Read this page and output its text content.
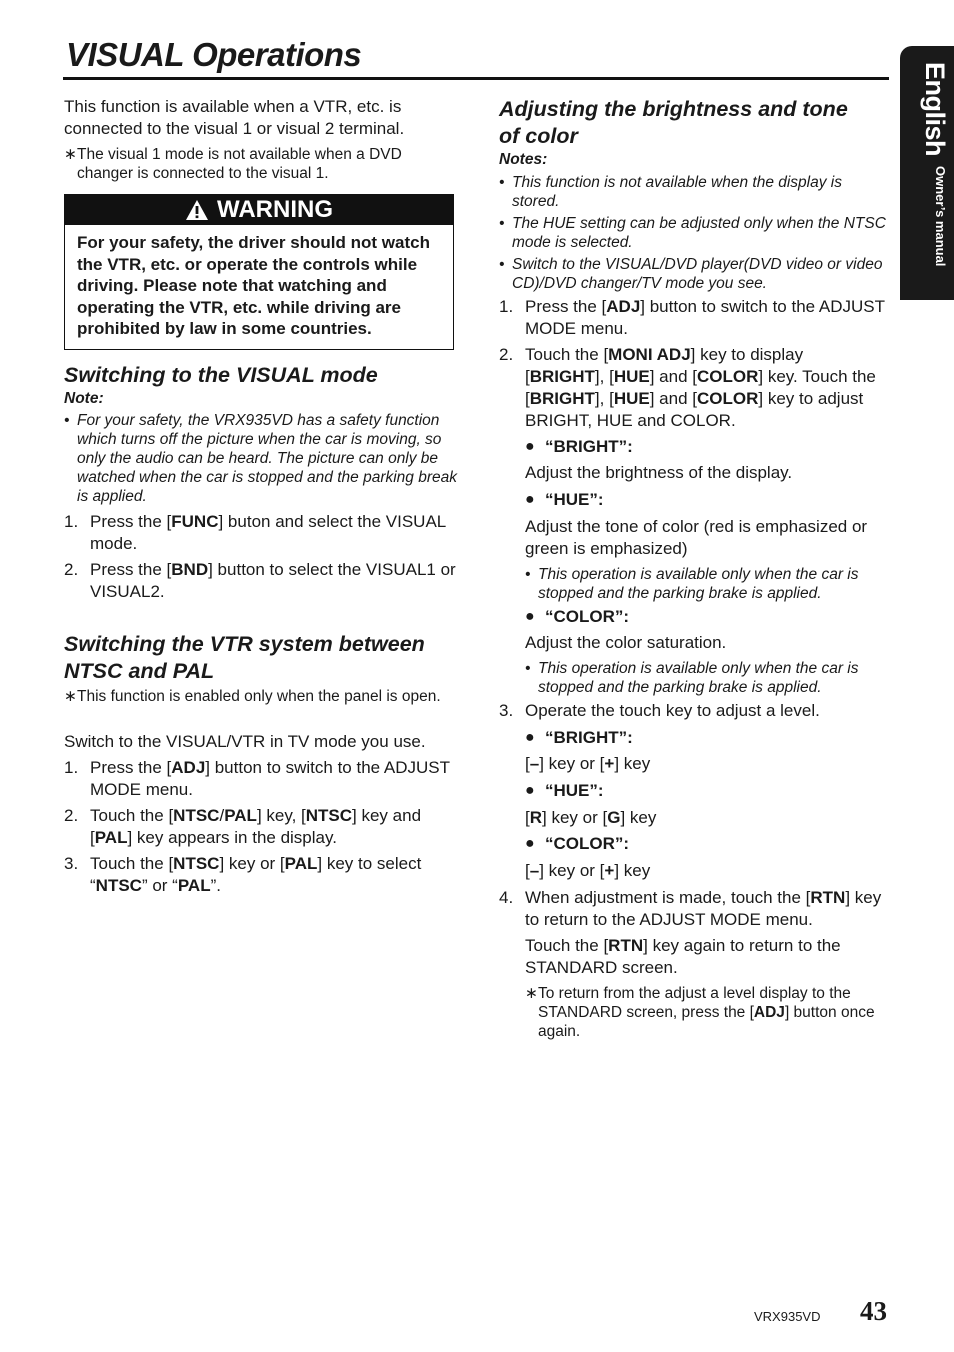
VISUAL Operations
English
Owner’s manual

This function is available when a VTR, etc. is connected to the visual 1 or visual 2 terminal.

∗ The visual 1 mode is not available when a DVD changer is connected to the visual 1.
WARNING
For your safety, the driver should not watch the VTR, etc. or operate the controls while driving. Please note that watching and operating the VTR, etc. while driving are prohibited by law in some countries.
Switching to the VISUAL mode
Note:
• For your safety, the VRX935VD has a safety function which turns off the picture when the car is moving, so only the audio can be heard. The picture can only be watched when the car is stopped and the parking break is applied.
1. Press the [FUNC] buton and select the VISUAL mode.
2. Press the [BND] button to select the VISUAL1 or VISUAL2.
Switching the VTR system between
NTSC and PAL
∗ This function is enabled only when the panel is open.

Switch to the VISUAL/VTR in TV mode you use.

1. Press the [ADJ] button to switch to the ADJUST MODE menu.
2. Touch the [NTSC/PAL] key, [NTSC] key and [PAL] key appears in the display.
3. Touch the [NTSC] key or [PAL] key to select “NTSC” or “PAL”.
Adjusting the brightness and tone
of color
Notes:
• This function is not available when the display is stored.
• The HUE setting can be adjusted only when the NTSC mode is selected.
• Switch to the VISUAL/DVD player(DVD video or video CD)/DVD changer/TV mode you see.
1. Press the [ADJ] button to switch to the ADJUST MODE menu.
2. Touch the [MONI ADJ] key to display [BRIGHT], [HUE] and [COLOR] key. Touch the [BRIGHT], [HUE] and [COLOR] key to adjust BRIGHT, HUE and COLOR.
● “BRIGHT”:

Adjust the brightness of the display.

● “HUE”:

Adjust the tone of color (red is emphasized or green is emphasized)

• This operation is available only when the car is stopped and the parking brake is applied.
● “COLOR”:

Adjust the color saturation.

• This operation is available only when the car is stopped and the parking brake is applied.
3. Operate the touch key to adjust a level.
● “BRIGHT”:

[–] key or [+] key

● “HUE”:

[R] key or [G] key

● “COLOR”:

[–] key or [+] key

4. When adjustment is made, touch the [RTN] key to return to the ADJUST MODE menu.

Touch the [RTN] key again to return to the STANDARD screen.

∗ To return from the adjust a level display to the STANDARD screen, press the [ADJ] button once again.
VRX935VD 43
